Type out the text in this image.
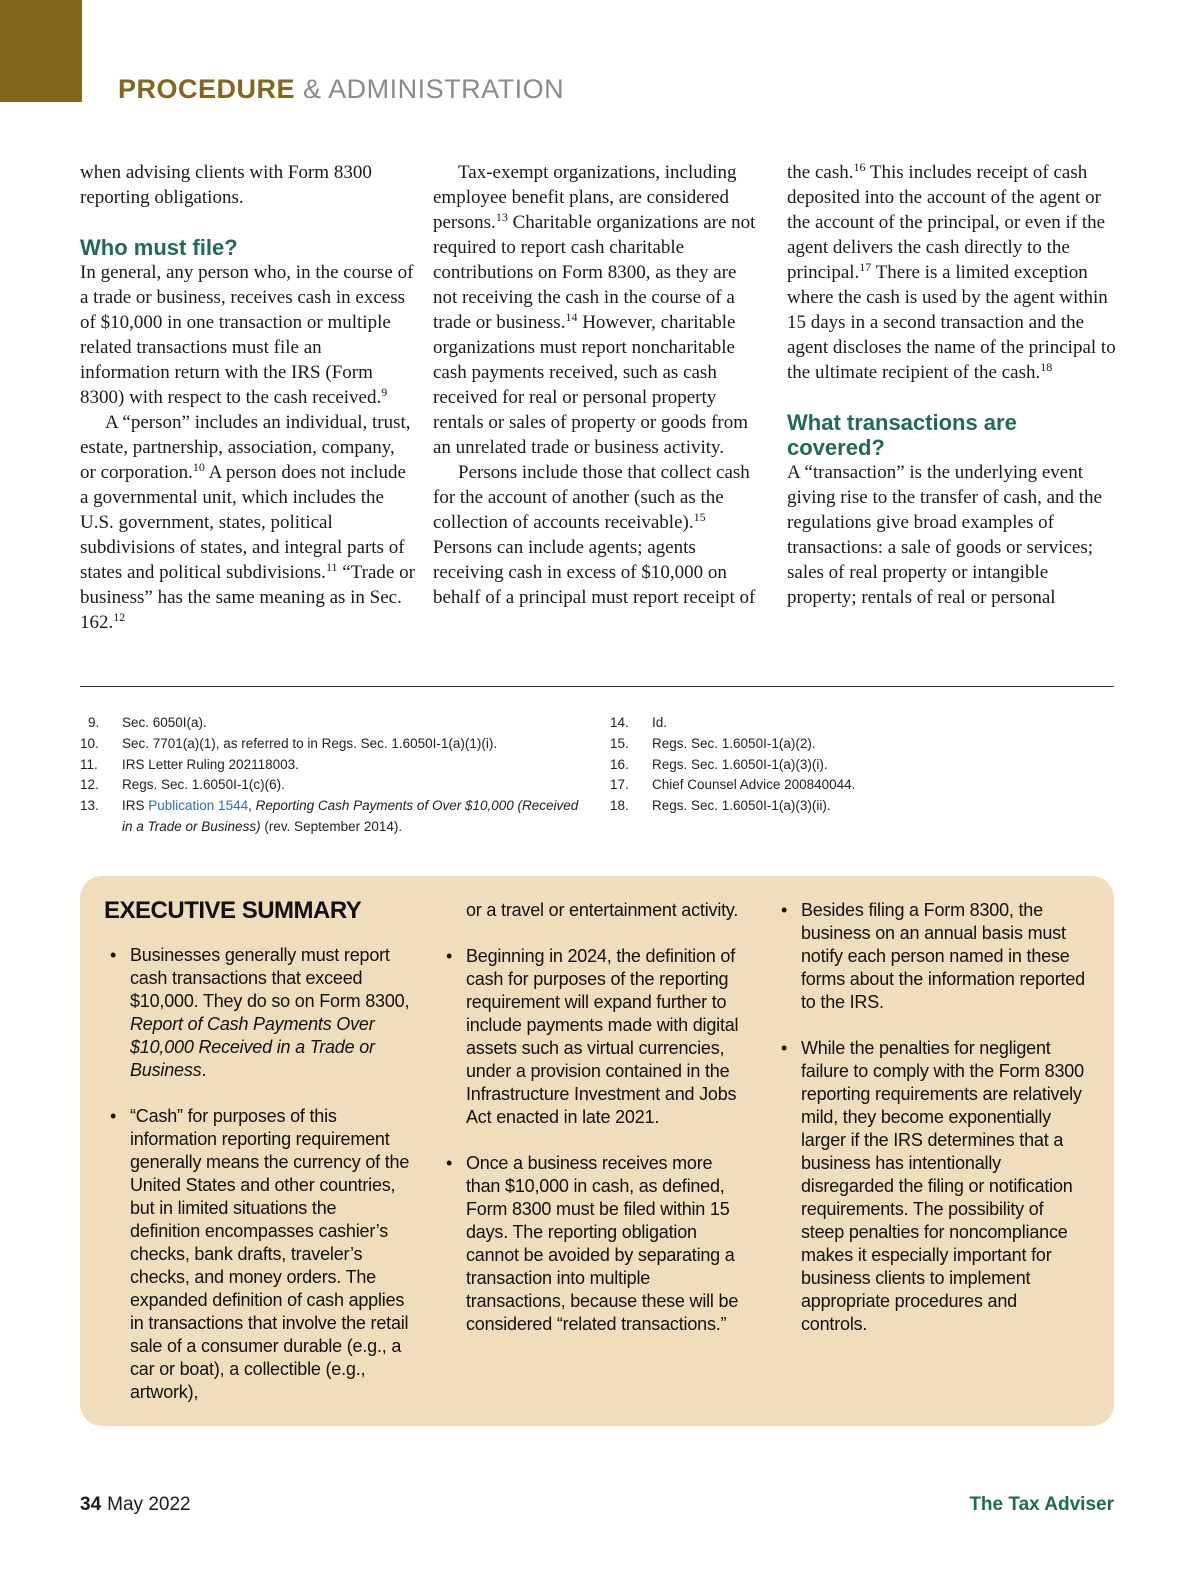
PROCEDURE & ADMINISTRATION

when advising clients with Form 8300 reporting obligations.

Who must file?

In general, any person who, in the course of a trade or business, receives cash in excess of $10,000 in one transaction or multiple related transactions must file an information return with the IRS (Form 8300) with respect to the cash received.$^9$

A “person” includes an individual, trust, estate, partnership, association, company, or corporation.$^{10}$ A person does not include a governmental unit, which includes the U.S. government, states, political subdivisions of states, and integral parts of states and political subdivisions.$^{11}$ “Trade or business” has the same meaning as in Sec. 162.12

Tax-exempt organizations, including employee benefit plans, are considered persons.$^{13}$ Charitable organizations are not required to report cash charitable contributions on Form 8300, as they are not receiving the cash in the course of a trade or business.$^{14}$ However, charitable organizations must report noncharitable cash payments received, such as cash received for real or personal property rentals or sales of property or goods from an unrelated trade or business activity.

Persons include those that collect cash for the account of another (such as the collection of accounts receivable).$^{15}$ Persons can include agents; agents receiving cash in excess of $10,000 on behalf of a principal must report receipt of

the cash.$^{16}$ This includes receipt of cash deposited into the account of the agent or the account of the principal, or even if the agent delivers the cash directly to the principal.$^{17}$ There is a limited exception where the cash is used by the agent within 15 days in a second transaction and the agent discloses the name of the principal to the ultimate recipient of the cash.$^{18}$

What transactions are covered?

A “transaction” is the underlying event giving rise to the transfer of cash, and the regulations give broad examples of transactions: a sale of goods or services; sales of real property or intangible property; rentals of real or personal

9.	Sec. 6050I(a).
10.	Sec. 7701(a)(1), as referred to in Regs. Sec. 1.6050I-1(a)(1)(i).
11.	IRS Letter Ruling 202118003.
12.	Regs. Sec. 1.6050I-1(c)(6).
13.	IRS Publication 1544, Reporting Cash Payments of Over $10,000 (Received in a Trade or Business) (rev. September 2014).
14.	Id.
15.	Regs. Sec. 1.6050I-1(a)(2).
16.	Regs. Sec. 1.6050I-1(a)(3)(i).
17.	Chief Counsel Advice 200840044.
18.	Regs. Sec. 1.6050I-1(a)(3)(ii).
EXECUTIVE SUMMARY
• Businesses generally must report cash transactions that exceed $10,000. They do so on Form 8300, Report of Cash Payments Over $10,000 Received in a Trade or Business.
• “Cash” for purposes of this information reporting requirement generally means the currency of the United States and other countries, but in limited situations the definition encompasses cashier’s checks, bank drafts, traveler’s checks, and money orders. The expanded definition of cash applies in transactions that involve the retail sale of a consumer durable (e.g., a car or boat), a collectible (e.g., artwork),
or a travel or entertainment activity.
• Beginning in 2024, the definition of cash for purposes of the reporting requirement will expand further to include payments made with digital assets such as virtual currencies, under a provision contained in the Infrastructure Investment and Jobs Act enacted in late 2021.
• Once a business receives more than $10,000 in cash, as defined, Form 8300 must be filed within 15 days. The reporting obligation cannot be avoided by separating a transaction into multiple transactions, because these will be considered “related transactions.”
• Besides filing a Form 8300, the business on an annual basis must notify each person named in these forms about the information reported to the IRS.
• While the penalties for negligent failure to comply with the Form 8300 reporting requirements are relatively mild, they become exponentially larger if the IRS determines that a business has intentionally disregarded the filing or notification requirements. The possibility of steep penalties for noncompliance makes it especially important for business clients to implement appropriate procedures and controls.
34 May 2022	The Tax Adviser
